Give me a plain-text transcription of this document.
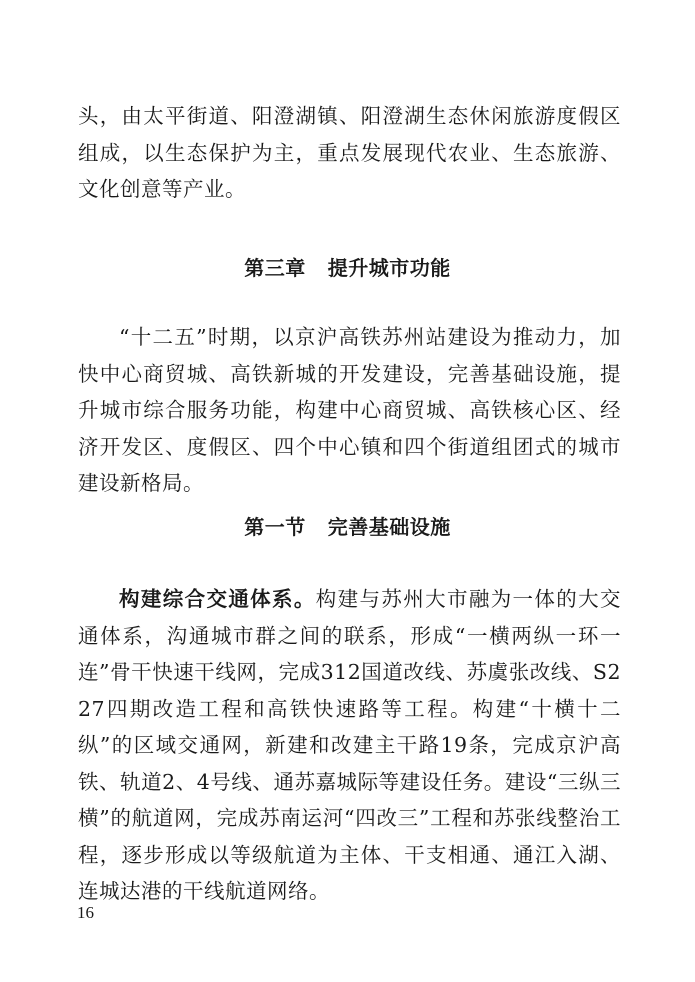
头，由太平街道、阳澄湖镇、阳澄湖生态休闲旅游度假区组成，以生态保护为主，重点发展现代农业、生态旅游、文化创意等产业。

第三章 提升城市功能

“十二五”时期，以京沪高铁苏州站建设为推动力，加快中心商贸城、高铁新城的开发建设，完善基础设施，提升城市综合服务功能，构建中心商贸城、高铁核心区、经济开发区、度假区、四个中心镇和四个街道组团式的城市建设新格局。

第一节 完善基础设施

构建综合交通体系。构建与苏州大市融为一体的大交通体系，沟通城市群之间的联系，形成“一横两纵一环一连”骨干快速干线网，完成312国道改线、苏虞张改线、S227四期改造工程和高铁快速路等工程。构建“十横十二纵”的区域交通网，新建和改建主干路19条，完成京沪高铁、轨道2、4号线、通苏嘉城际等建设任务。建设“三纵三横”的航道网，完成苏南运河“四改三”工程和苏张线整治工程，逐步形成以等级航道为主体、干支相通、通江入湖、连城达港的干线航道网络。

16
